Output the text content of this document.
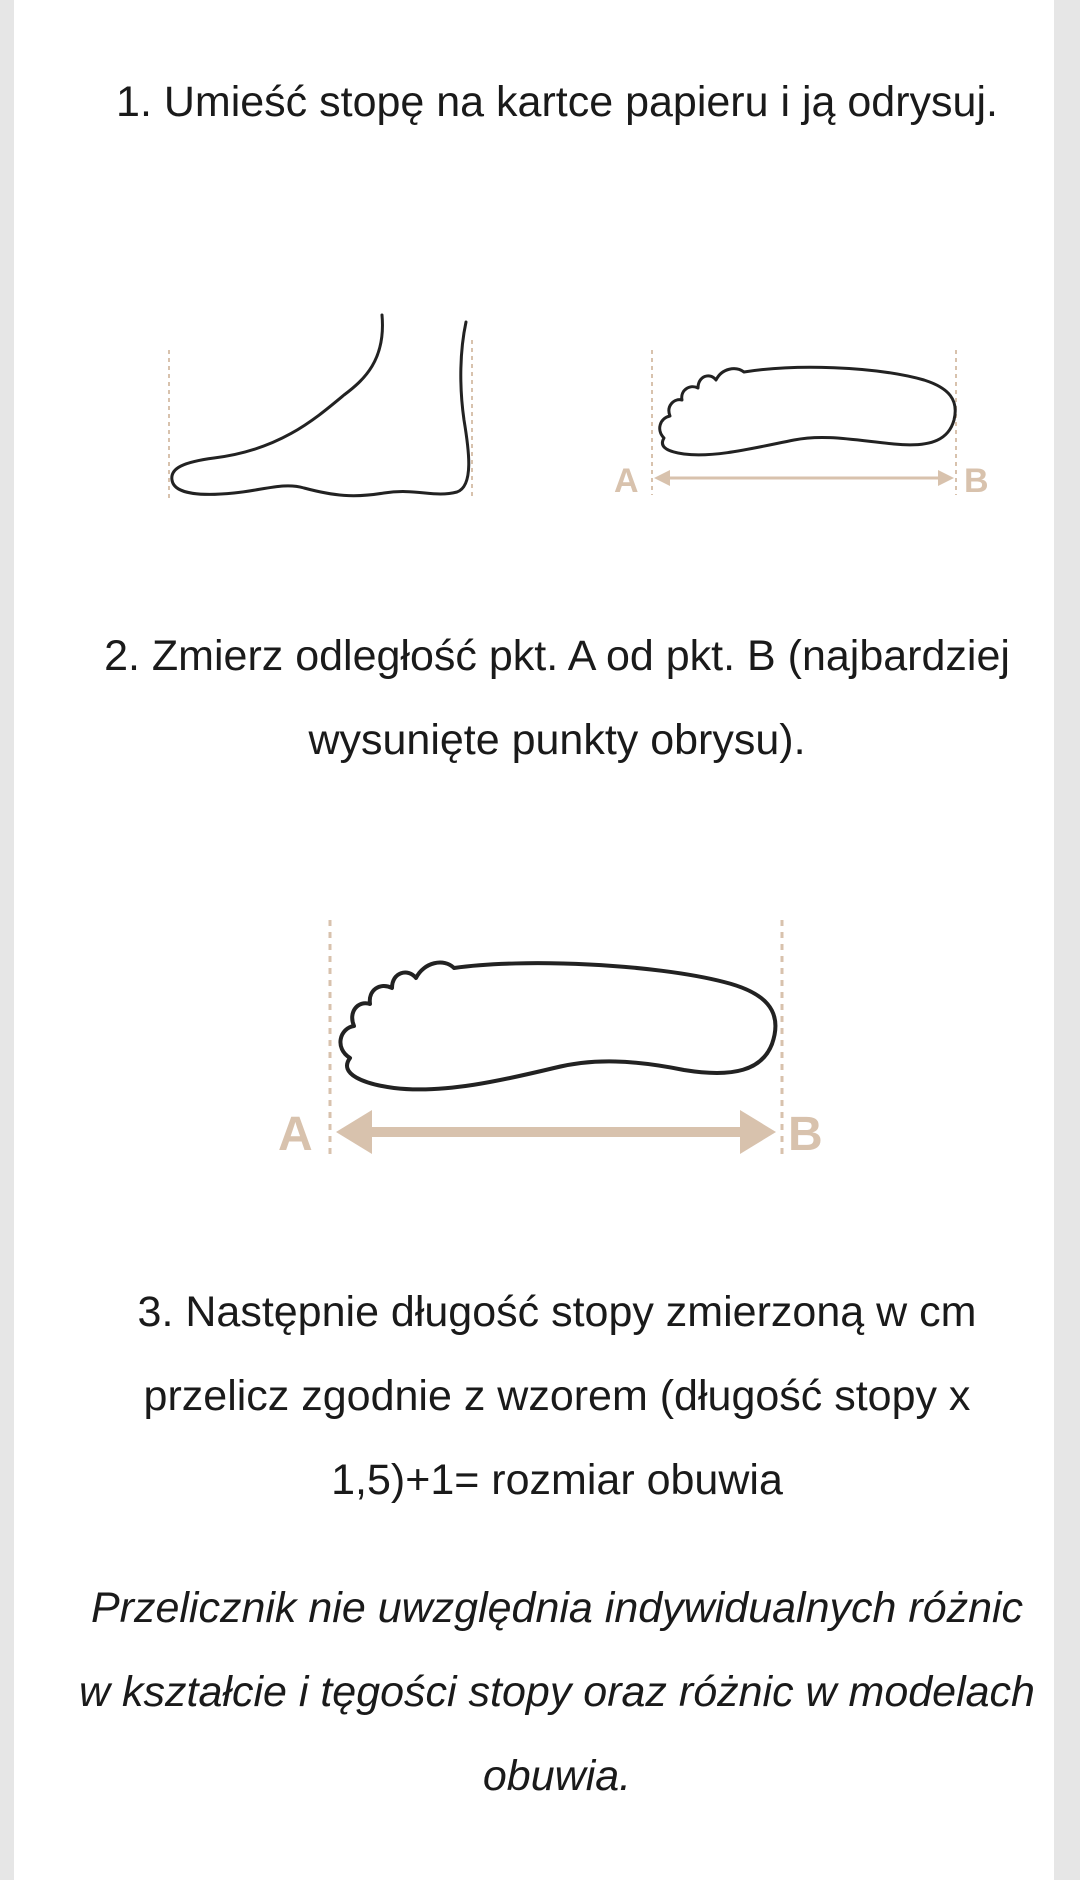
1. Umieść stopę na kartce papieru i ją odrysuj.

A	B

2. Zmierz odległość pkt. A od pkt. B (najbardziej wysunięte punkty obrysu).

A	B

3. Następnie długość stopy zmierzoną w cm przelicz zgodnie z wzorem (długość stopy x 1,5)+1= rozmiar obuwia

Przelicznik nie uwzględnia indywidualnych różnic w kształcie i tęgości stopy oraz różnic w modelach obuwia.
